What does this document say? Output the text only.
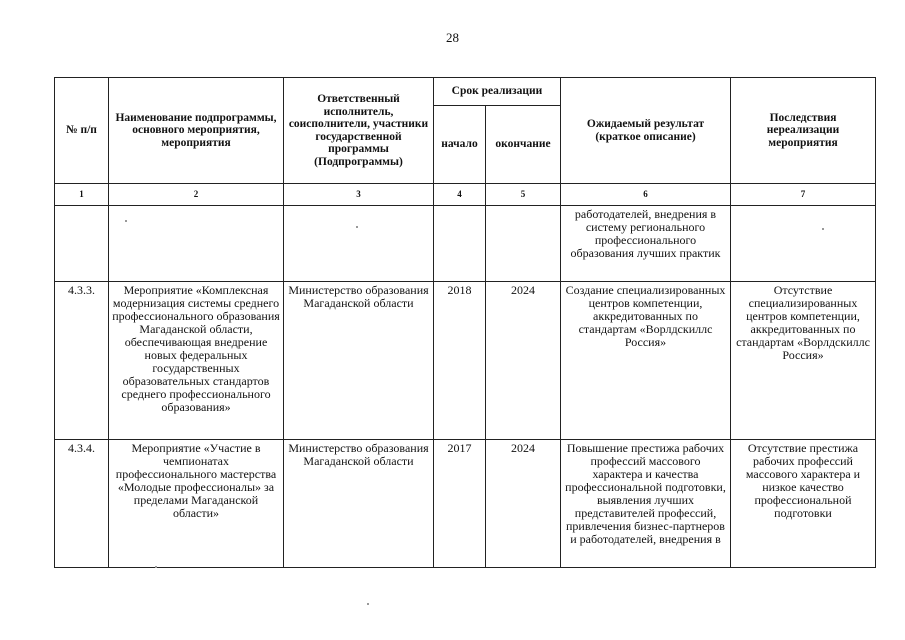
28
№ п/п	Наименование подпрограммы, основного мероприятия, мероприятия	Ответственный исполнитель, соисполнители, участники государственной программы (Подпрограммы)	Срок реализации		Ожидаемый результат (краткое описание)	Последствия нереализации мероприятия
			начало	окончание		
1	2	3	4	5	6	7
					работодателей, внедрения в систему регионального профессионального образования лучших практик	
4.3.3.	Мероприятие «Комплексная модернизация системы среднего профессионального образования Магаданской области, обеспечивающая внедрение новых федеральных государственных образовательных стандартов среднего профессионального образования»	Министерство образования Магаданской области	2018	2024	Создание специализированных центров компетенции, аккредитованных по стандартам «Ворлдскиллс Россия»	Отсутствие специализированных центров компетенции, аккредитованных по стандартам «Ворлдскиллс Россия»
4.3.4.	Мероприятие «Участие в чемпионатах профессионального мастерства «Молодые профессионалы» за пределами Магаданской области»	Министерство образования Магаданской области	2017	2024	Повышение престижа рабочих профессий массового характера и качества профессиональной подготовки, выявления лучших представителей профессий, привлечения бизнес-партнеров и работодателей, внедрения в	Отсутствие престижа рабочих профессий массового характера и низкое качество профессиональной подготовки
